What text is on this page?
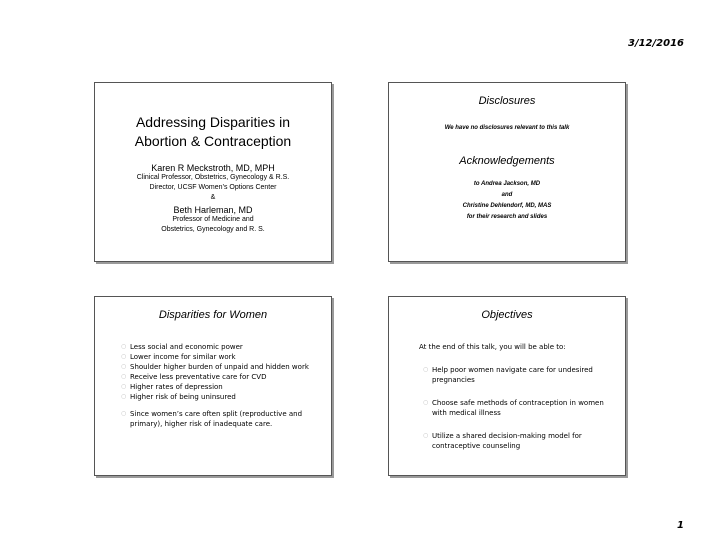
3/12/2016
Addressing Disparities in
Abortion & Contraception
Karen R Meckstroth, MD, MPH
Clinical Professor, Obstetrics, Gynecology & R.S.
Director, UCSF Women’s Options Center
&
Beth Harleman, MD
Professor of Medicine and
Obstetrics, Gynecology and R. S.
Disclosures
We have no disclosures relevant to this talk
Acknowledgements
to Andrea Jackson, MD
and
Christine Dehlendorf, MD, MAS
for their research and slides
Disparities for Women
○ Less social and economic power
○ Lower income for similar work
○ Shoulder higher burden of unpaid and hidden work
○ Receive less preventative care for CVD
○ Higher rates of depression
○ Higher risk of being uninsured
○ Since women’s care often split (reproductive and primary), higher risk of inadequate care.
Objectives
At the end of this talk, you will be able to:
○ Help poor women navigate care for undesired pregnancies
○ Choose safe methods of contraception in women with medical illness
○ Utilize a shared decision-making model for contraceptive counseling
1
